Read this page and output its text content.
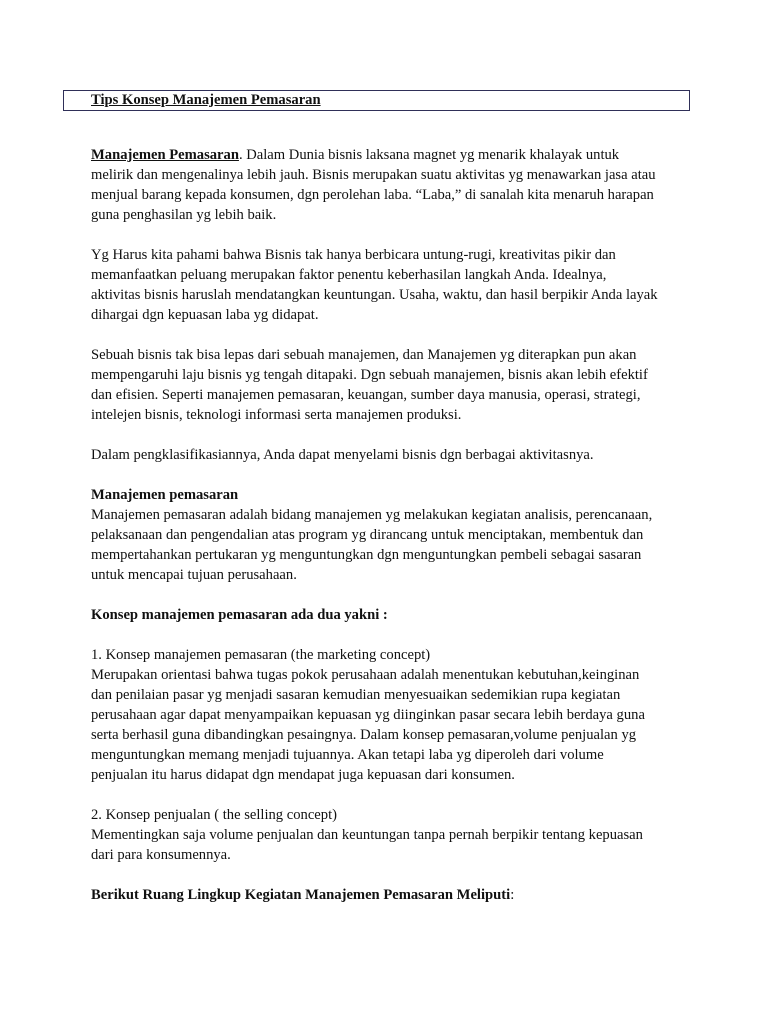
Tips Konsep Manajemen Pemasaran

Manajemen Pemasaran. Dalam Dunia bisnis laksana magnet yg menarik khalayak untuk
melirik dan mengenalinya lebih jauh. Bisnis merupakan suatu aktivitas yg menawarkan jasa atau
menjual barang kepada konsumen, dgn perolehan laba. “Laba,” di sanalah kita menaruh harapan
guna penghasilan yg lebih baik.

Yg Harus kita pahami bahwa Bisnis tak hanya berbicara untung-rugi, kreativitas pikir dan
memanfaatkan peluang merupakan faktor penentu keberhasilan langkah Anda. Idealnya,
aktivitas bisnis haruslah mendatangkan keuntungan. Usaha, waktu, dan hasil berpikir Anda layak
dihargai dgn kepuasan laba yg didapat.

Sebuah bisnis tak bisa lepas dari sebuah manajemen, dan Manajemen yg diterapkan pun akan
mempengaruhi laju bisnis yg tengah ditapaki. Dgn sebuah manajemen, bisnis akan lebih efektif
dan efisien. Seperti manajemen pemasaran, keuangan, sumber daya manusia, operasi, strategi,
intelejen bisnis, teknologi informasi serta manajemen produksi.

Dalam pengklasifikasiannya, Anda dapat menyelami bisnis dgn berbagai aktivitasnya.

Manajemen pemasaran
Manajemen pemasaran adalah bidang manajemen yg melakukan kegiatan analisis, perencanaan,
pelaksanaan dan pengendalian atas program yg dirancang untuk menciptakan, membentuk dan
mempertahankan pertukaran yg menguntungkan dgn menguntungkan pembeli sebagai sasaran
untuk mencapai tujuan perusahaan.

Konsep manajemen pemasaran ada dua yakni :

1. Konsep manajemen pemasaran (the marketing concept)
Merupakan orientasi bahwa tugas pokok perusahaan adalah menentukan kebutuhan,keinginan
dan penilaian pasar yg menjadi sasaran kemudian menyesuaikan sedemikian rupa kegiatan
perusahaan agar dapat menyampaikan kepuasan yg diinginkan pasar secara lebih berdaya guna
serta berhasil guna dibandingkan pesaingnya. Dalam konsep pemasaran,volume penjualan yg
menguntungkan memang menjadi tujuannya. Akan tetapi laba yg diperoleh dari volume
penjualan itu harus didapat dgn mendapat juga kepuasan dari konsumen.

2. Konsep penjualan ( the selling concept)
Mementingkan saja volume penjualan dan keuntungan tanpa pernah berpikir tentang kepuasan
dari para konsumennya.

Berikut Ruang Lingkup Kegiatan Manajemen Pemasaran Meliputi:
